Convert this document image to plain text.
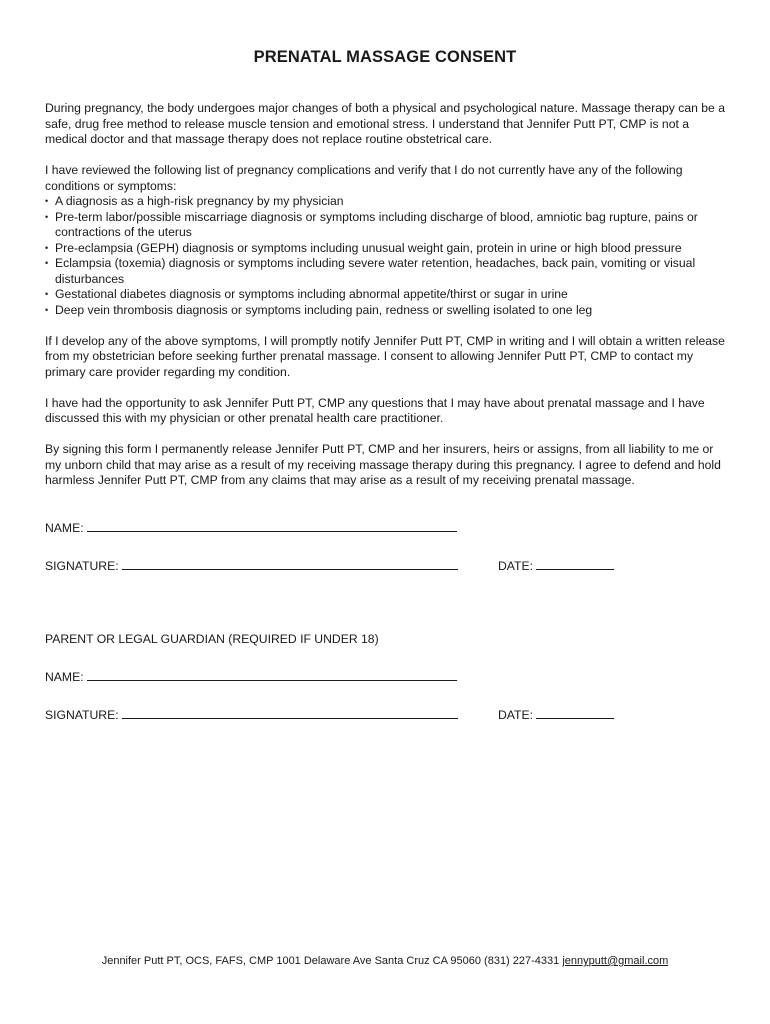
PRENATAL MASSAGE CONSENT

During pregnancy, the body undergoes major changes of both a physical and psychological nature. Massage therapy can be a safe, drug free method to release muscle tension and emotional stress. I understand that Jennifer Putt PT, CMP is not a medical doctor and that massage therapy does not replace routine obstetrical care.

I have reviewed the following list of pregnancy complications and verify that I do not currently have any of the following conditions or symptoms:

• A diagnosis as a high-risk pregnancy by my physician
• Pre-term labor/possible miscarriage diagnosis or symptoms including discharge of blood, amniotic bag rupture, pains or contractions of the uterus
• Pre-eclampsia (GEPH) diagnosis or symptoms including unusual weight gain, protein in urine or high blood pressure
• Eclampsia (toxemia) diagnosis or symptoms including severe water retention, headaches, back pain, vomiting or visual disturbances
• Gestational diabetes diagnosis or symptoms including abnormal appetite/thirst or sugar in urine
• Deep vein thrombosis diagnosis or symptoms including pain, redness or swelling isolated to one leg

If I develop any of the above symptoms, I will promptly notify Jennifer Putt PT, CMP in writing and I will obtain a written release from my obstetrician before seeking further prenatal massage. I consent to allowing Jennifer Putt PT, CMP to contact my primary care provider regarding my condition.

I have had the opportunity to ask Jennifer Putt PT, CMP any questions that I may have about prenatal massage and I have discussed this with my physician or other prenatal health care practitioner.

By signing this form I permanently release Jennifer Putt PT, CMP and her insurers, heirs or assigns, from all liability to me or my unborn child that may arise as a result of my receiving massage therapy during this pregnancy. I agree to defend and hold harmless Jennifer Putt PT, CMP from any claims that may arise as a result of my receiving prenatal massage.

NAME:
SIGNATURE:	DATE:
PARENT OR LEGAL GUARDIAN (REQUIRED IF UNDER 18)
NAME:
SIGNATURE:	DATE:
Jennifer Putt PT, OCS, FAFS, CMP 1001 Delaware Ave Santa Cruz CA 95060 (831) 227-4331 jennyputt@gmail.com
